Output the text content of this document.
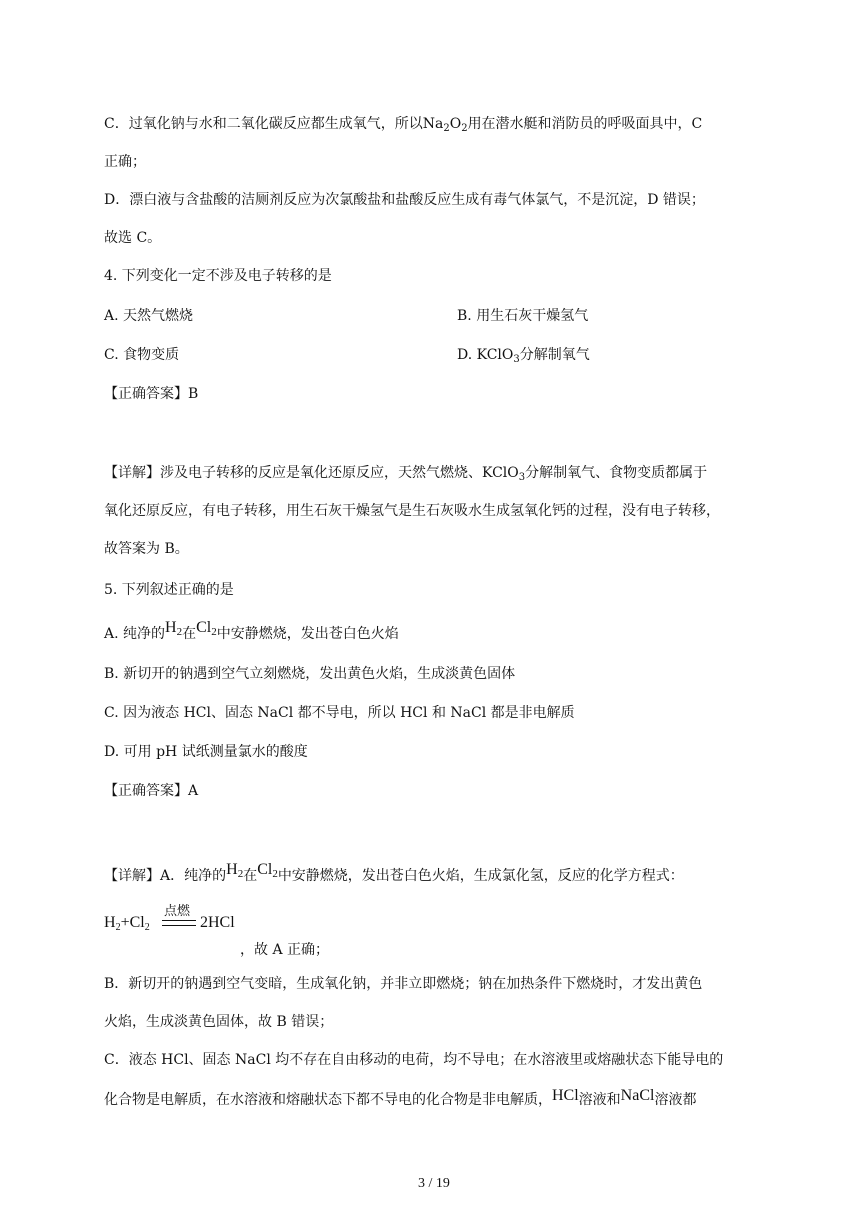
C．过氧化钠与水和二氧化碳反应都生成氧气，所以$Na_2O_2$用在潜水艇和消防员的呼吸面具中，C
正确；
D．漂白液与含盐酸的洁厕剂反应为次氯酸盐和盐酸反应生成有毒气体氯气，不是沉淀，D 错误；
故选 C。
4. 下列变化一定不涉及电子转移的是
A. 天然气燃烧	B. 用生石灰干燥氢气
C. 食物变质	D. KClO$_3$分解制氧气
【正确答案】B
【详解】涉及电子转移的反应是氧化还原反应，天然气燃烧、KClO$_3$分解制氧气、食物变质都属于
氧化还原反应，有电子转移，用生石灰干燥氢气是生石灰吸水生成氢氧化钙的过程，没有电子转移，
故答案为 B。
5. 下列叙述正确的是
A. 纯净的$H_2$在$Cl_2$中安静燃烧，发出苍白色火焰
B. 新切开的钠遇到空气立刻燃烧，发出黄色火焰，生成淡黄色固体
C. 因为液态 HCl、固态 NaCl 都不导电，所以 HCl 和 NaCl 都是非电解质
D. 可用 pH 试纸测量氯水的酸度
【正确答案】A
【详解】A．纯净的$H_2$在$Cl_2$中安静燃烧，发出苍白色火焰，生成氯化氢，反应的化学方程式：
$H_2+Cl_2$
点燃
2HCl
，故 A 正确；
B．新切开的钠遇到空气变暗，生成氧化钠，并非立即燃烧；钠在加热条件下燃烧时，才发出黄色
火焰，生成淡黄色固体，故 B 错误；
C．液态 HCl、固态 NaCl 均不存在自由移动的电荷，均不导电；在水溶液里或熔融状态下能导电的
化合物是电解质，在水溶液和熔融状态下都不导电的化合物是非电解质，HCl溶液和NaCl溶液都
3 / 19
